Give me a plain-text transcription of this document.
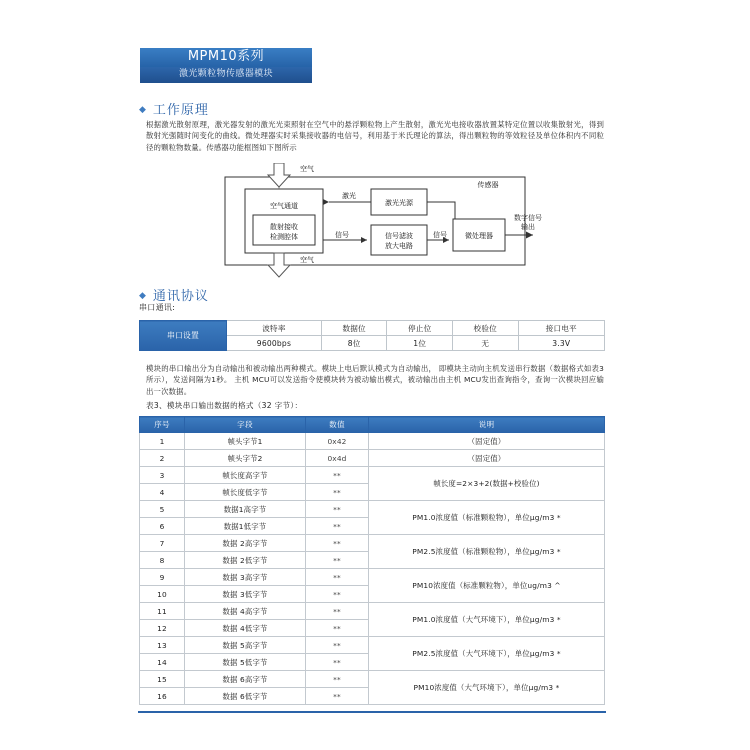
MPM10系列
激光颗粒物传感器模块
◆ 工作原理
根据激光散射原理，激光器发射的激光光束照射在空气中的悬浮颗粒物上产生散射，激光光电接收器放置某特定位置以收集散射光，得到散射光强随时间变化的曲线。微处理器实时采集接收器的电信号，利用基于米氏理论的算法，得出颗粒物的等效粒径及单位体积内不同粒径的颗粒物数量。传感器功能框图如下图所示
空气
空气
传感器
空气通道
散射接收
检测腔体
激光
激光光源
信号	信号滤波
放大电路
信号	微处理器
数字信号
输出
◆ 通讯协议
串口通讯:
串口设置	波特率	数据位	停止位	校验位	接口电平
	9600bps	8位	1位	无	3.3V
模块的串口输出分为自动输出和被动输出两种模式。模块上电后默认模式为自动输出， 即模块主动向主机发送串行数据（数据格式如表3所示），发送间隔为1秒。 主机 MCU可以发送指令使模块转为被动输出模式，被动输出由主机 MCU发出查询指令，查询一次模块回应输出一次数据。
表3、模块串口输出数据的格式（32 字节）：
序号	字段	数值	说明
1	帧头字节1	0x42	（固定值）
2	帧头字节2	0x4d	（固定值）
3	帧长度高字节	**	帧长度=2×3+2(数据+校验位)
4	帧长度低字节	**	
5	数据1高字节	**	PM1.0浓度值（标准颗粒物），单位μg/m3 *
6	数据1低字节	**	
7	数据 2高字节	**	PM2.5浓度值（标准颗粒物），单位μg/m3 *
8	数据 2低字节	**	
9	数据 3高字节	**	PM10浓度值（标准颗粒物），单位ug/m3 ^
10	数据 3低字节	**	
11	数据 4高字节	**	PM1.0浓度值（大气环境下），单位μg/m3 *
12	数据 4低字节	**	
13	数据 5高字节	**	PM2.5浓度值（大气环境下），单位μg/m3 *
14	数据 5低字节	**	
15	数据 6高字节	**	PM10浓度值（大气环境下），单位μg/m3 *
16	数据 6低字节	**	
